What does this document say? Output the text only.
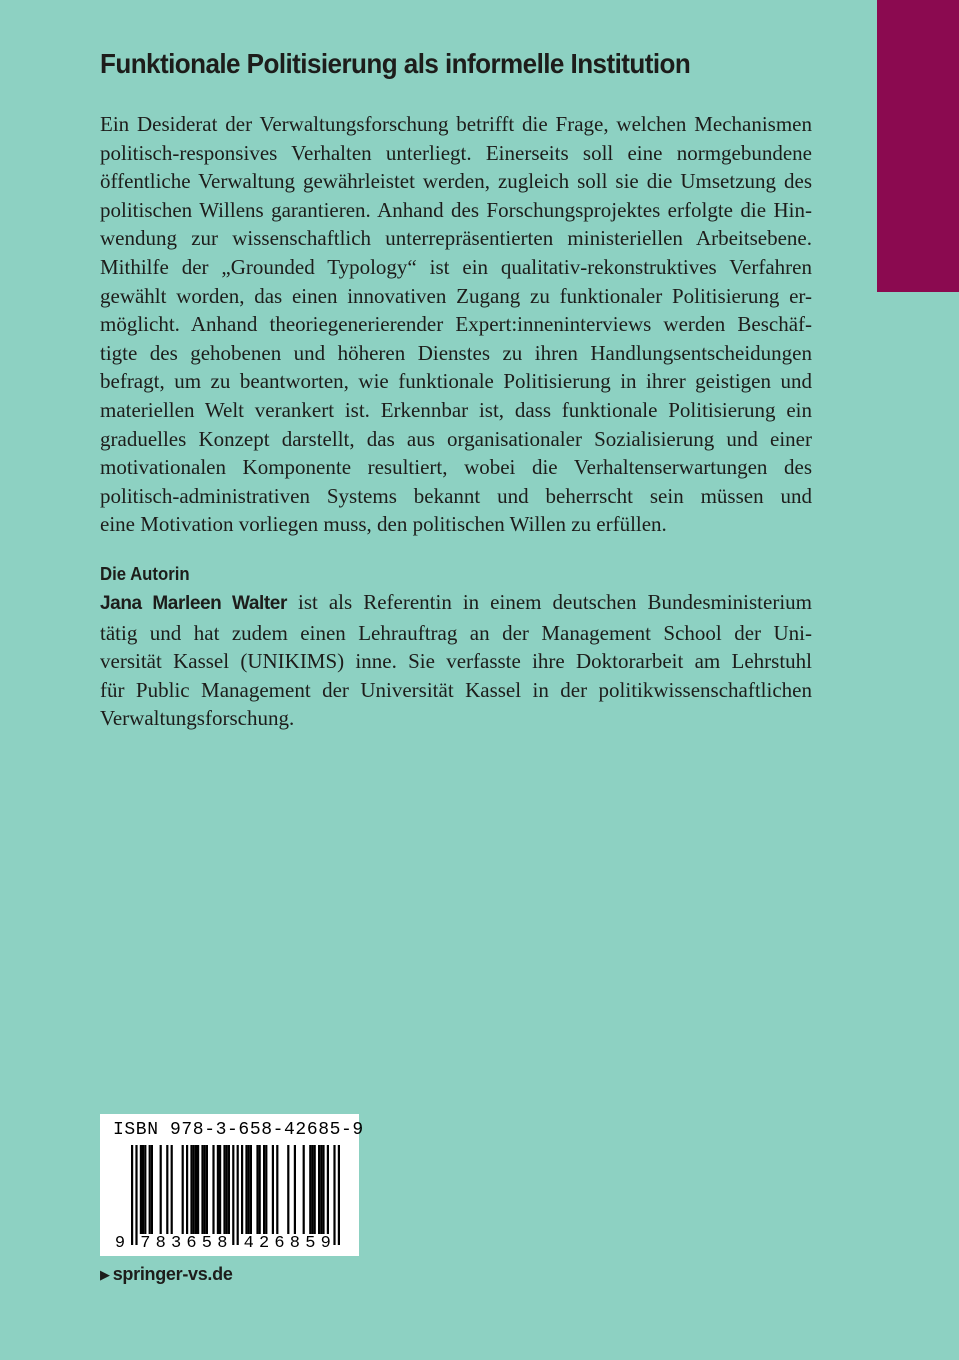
Funktionale Politisierung als informelle Institution
Ein Desiderat der Verwaltungsforschung betrifft die Frage, welchen Mechanismen
politisch-responsives Verhalten unterliegt. Einerseits soll eine normgebundene
öffentliche Verwaltung gewährleistet werden, zugleich soll sie die Umsetzung des
politischen Willens garantieren. Anhand des Forschungsprojektes erfolgte die Hin-
wendung zur wissenschaftlich unterrepräsentierten ministeriellen Arbeitsebene.
Mithilfe der „Grounded Typology“ ist ein qualitativ-rekonstruktives Verfahren
gewählt worden, das einen innovativen Zugang zu funktionaler Politisierung er-
möglicht. Anhand theoriegenerierender Expert:inneninterviews werden Beschäf-
tigte des gehobenen und höheren Dienstes zu ihren Handlungsentscheidungen
befragt, um zu beantworten, wie funktionale Politisierung in ihrer geistigen und
materiellen Welt verankert ist. Erkennbar ist, dass funktionale Politisierung ein
graduelles Konzept darstellt, das aus organisationaler Sozialisierung und einer
motivationalen Komponente resultiert, wobei die Verhaltenserwartungen des
politisch-administrativen Systems bekannt und beherrscht sein müssen und
eine Motivation vorliegen muss, den politischen Willen zu erfüllen.
Die Autorin
Jana Marleen Walter ist als Referentin in einem deutschen Bundesministerium
tätig und hat zudem einen Lehrauftrag an der Management School der Uni-
versität Kassel (UNIKIMS) inne. Sie verfasste ihre Doktorarbeit am Lehrstuhl
für Public Management der Universität Kassel in der politikwissenschaftlichen
Verwaltungsforschung.
ISBN 978-3-658-42685-9
9 7 8 3 6 5 8 4 2 6 8 5 9
▶ springer-vs.de
